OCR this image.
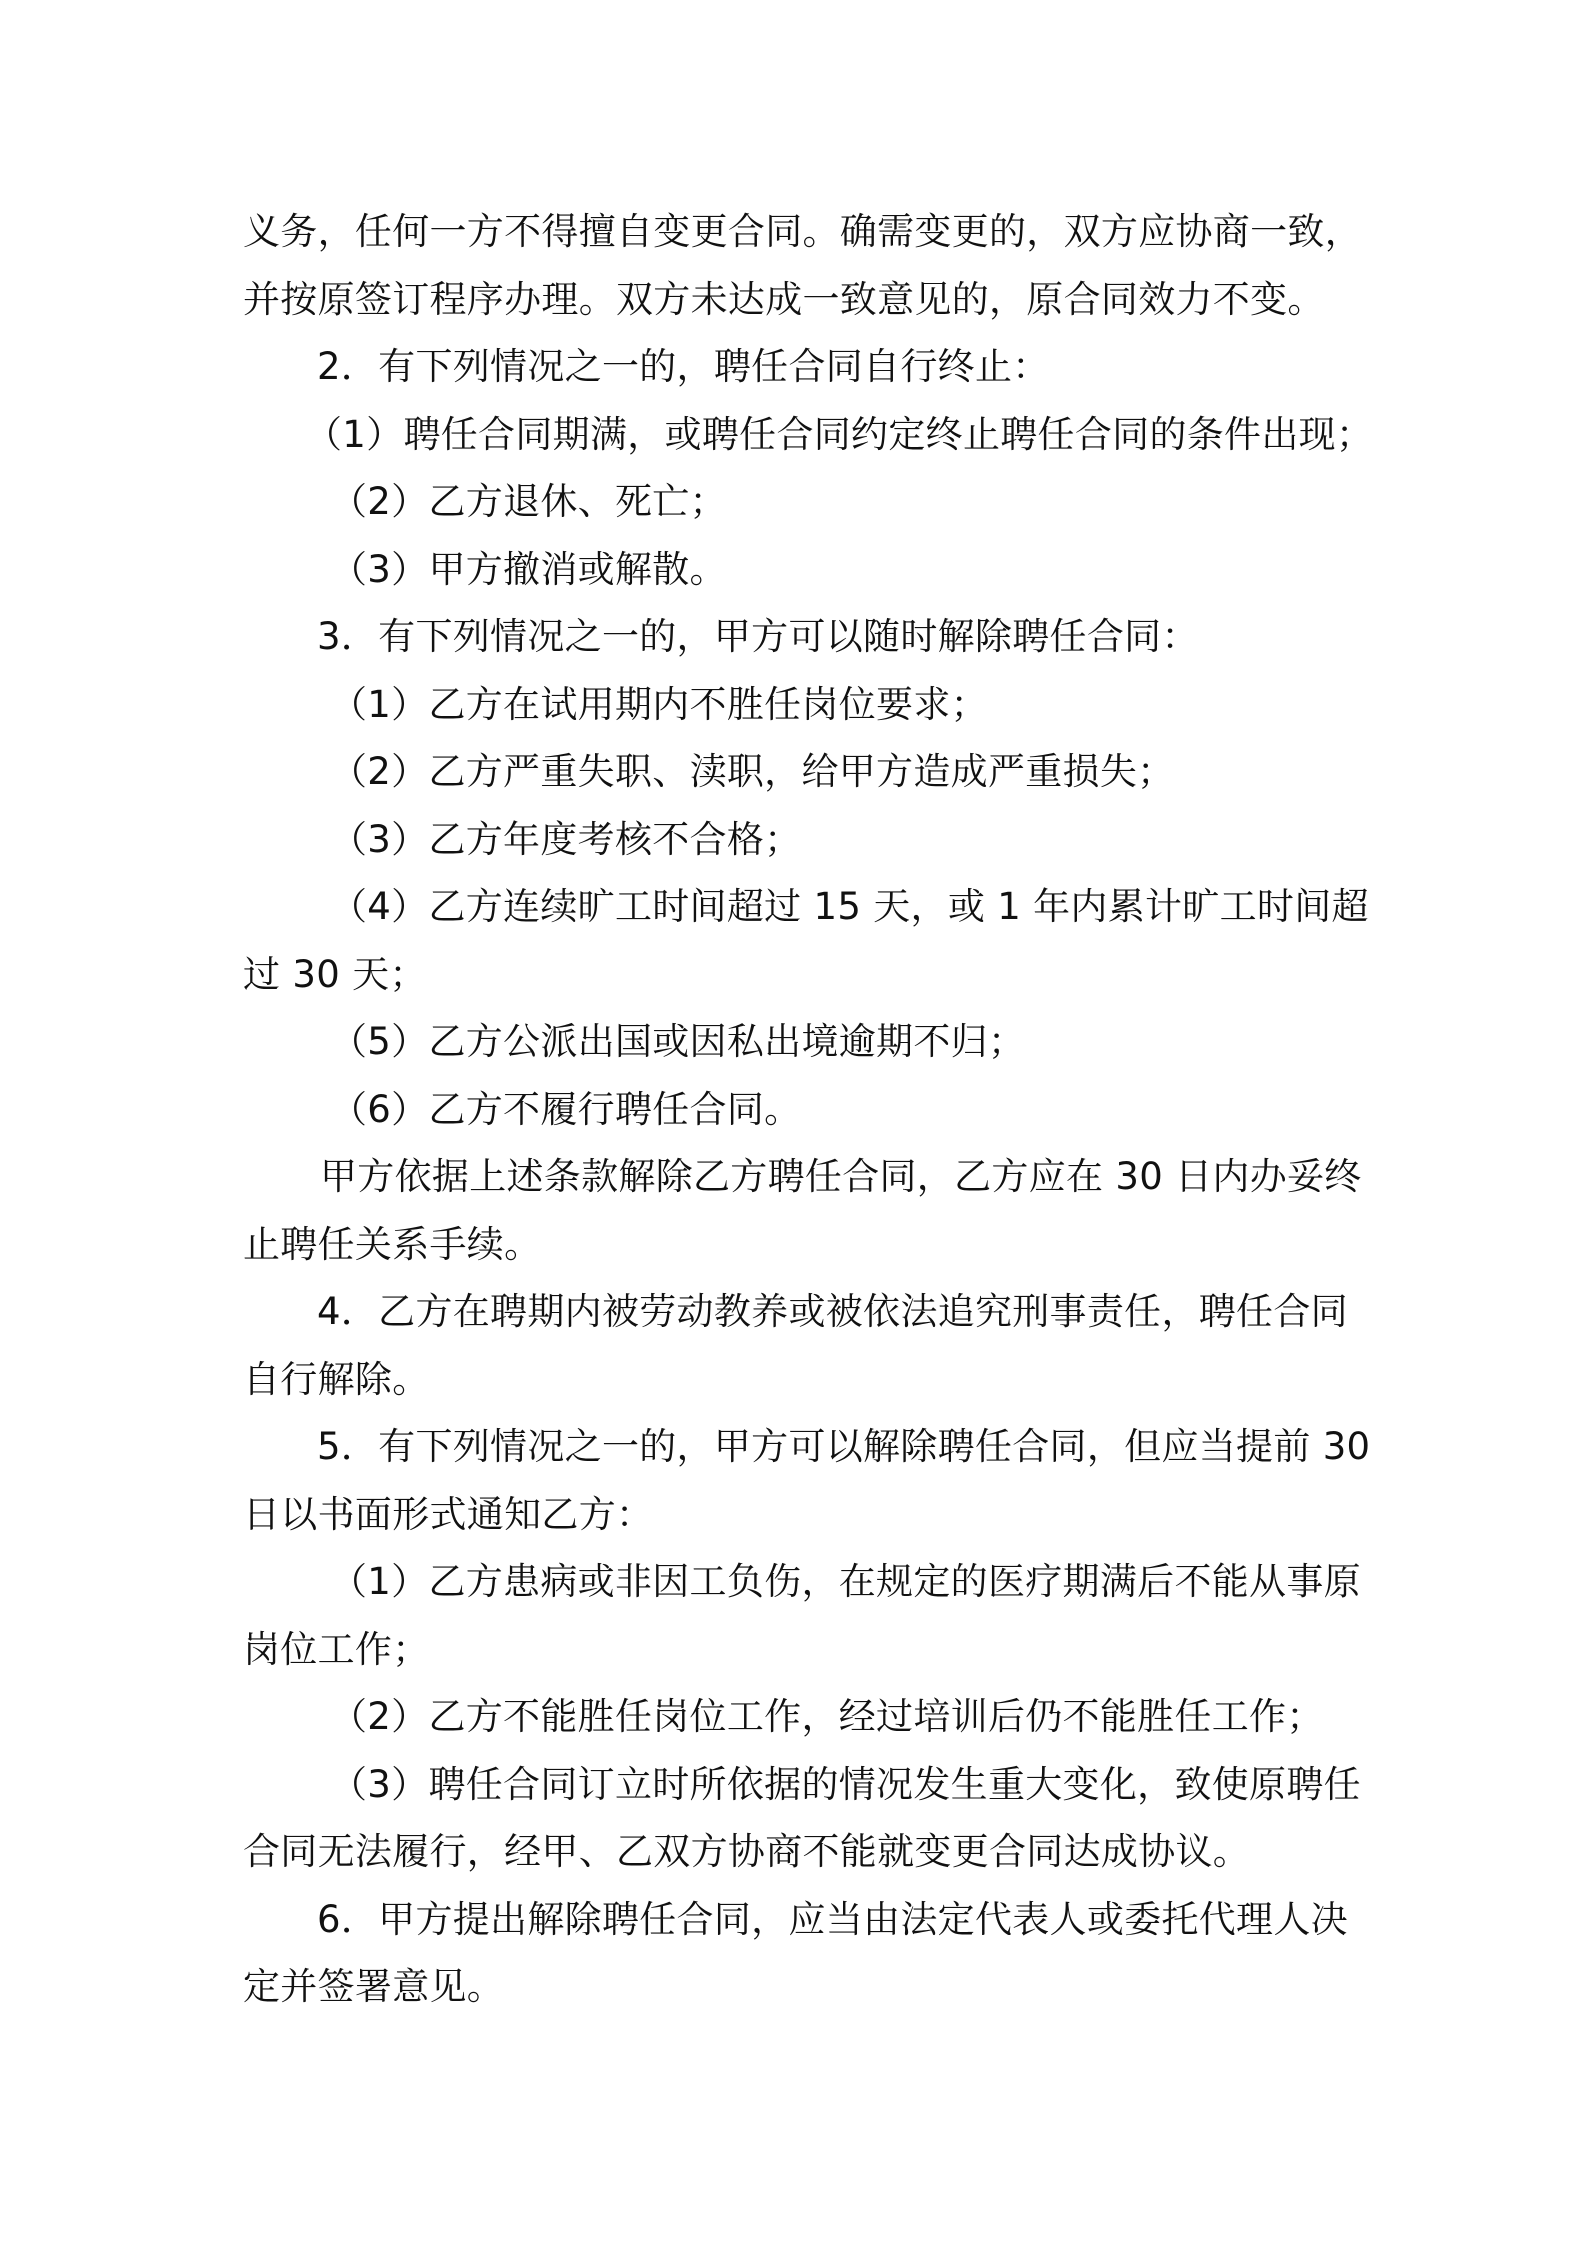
义务，任何一方不得擅自变更合同。确需变更的，双方应协商一致，
并按原签订程序办理。双方未达成一致意见的，原合同效力不变。
2．有下列情况之一的，聘任合同自行终止：
（1）聘任合同期满，或聘任合同约定终止聘任合同的条件出现；
（2）乙方退休、死亡；
（3）甲方撤消或解散。
3．有下列情况之一的，甲方可以随时解除聘任合同：
（1）乙方在试用期内不胜任岗位要求；
（2）乙方严重失职、渎职，给甲方造成严重损失；
（3）乙方年度考核不合格；
（4）乙方连续旷工时间超过 15 天，或 1 年内累计旷工时间超
过 30 天；
（5）乙方公派出国或因私出境逾期不归；
（6）乙方不履行聘任合同。
甲方依据上述条款解除乙方聘任合同，乙方应在 30 日内办妥终
止聘任关系手续。
4．乙方在聘期内被劳动教养或被依法追究刑事责任，聘任合同
自行解除。
5．有下列情况之一的，甲方可以解除聘任合同，但应当提前 30
日以书面形式通知乙方：
（1）乙方患病或非因工负伤，在规定的医疗期满后不能从事原
岗位工作；
（2）乙方不能胜任岗位工作，经过培训后仍不能胜任工作；
（3）聘任合同订立时所依据的情况发生重大变化，致使原聘任
合同无法履行，经甲、乙双方协商不能就变更合同达成协议。
6．甲方提出解除聘任合同，应当由法定代表人或委托代理人决
定并签署意见。
